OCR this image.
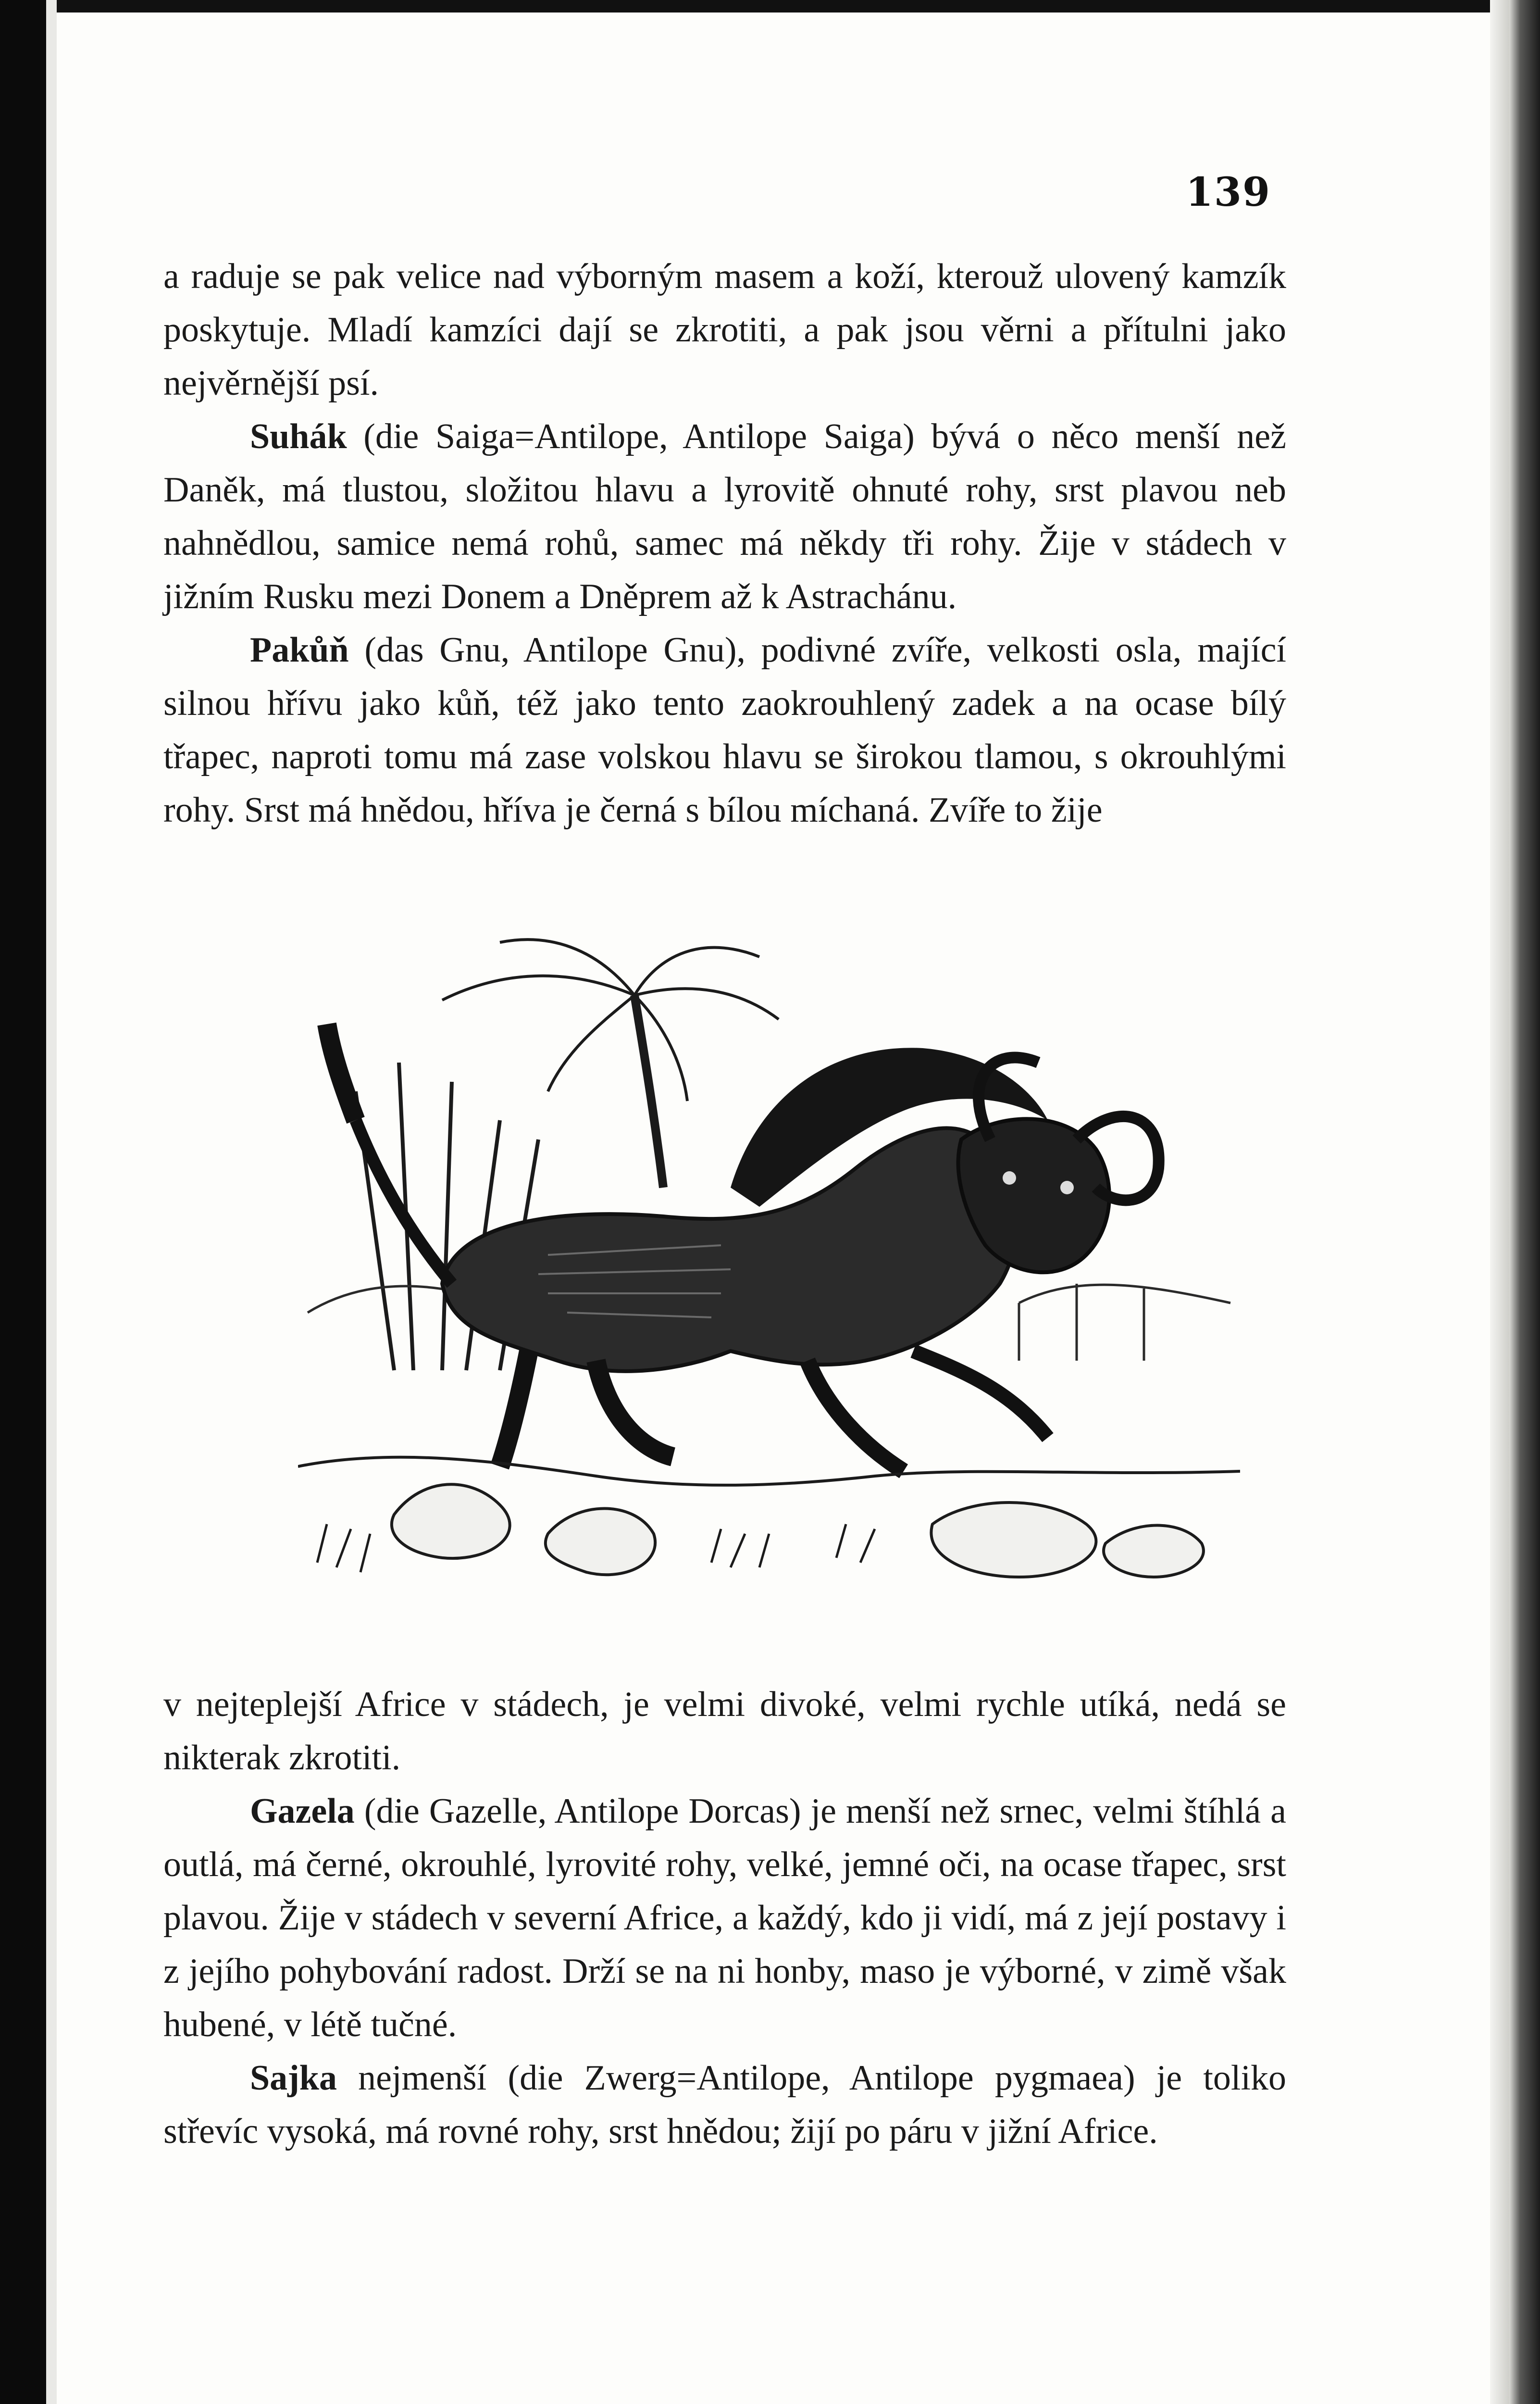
139

a raduje se pak velice nad výborným masem a koží, kterouž ulovený kamzík poskytuje. Mladí kamzíci dají se zkrotiti, a pak jsou věrni a přítulni jako nejvěrnější psí.

Suhák (die Saiga=Antilope, Antilope Saiga) bývá o něco menší než Daněk, má tlustou, složitou hlavu a lyrovitě ohnuté rohy, srst plavou neb nahnědlou, samice nemá rohů, samec má někdy tři rohy. Žije v stádech v jižním Rusku mezi Donem a Dněprem až k Astrachánu.

Pakůň (das Gnu, Antilope Gnu), podivné zvíře, velkosti osla, mající silnou hřívu jako kůň, též jako tento zaokrouhlený zadek a na ocase bílý třapec, naproti tomu má zase volskou hlavu se širokou tlamou, s okrouhlými rohy. Srst má hnědou, hříva je černá s bílou míchaná. Zvíře to žije

v nejteplejší Africe v stádech, je velmi divoké, velmi rychle utíká, nedá se nikterak zkrotiti.

Gazela (die Gazelle, Antilope Dorcas) je menší než srnec, velmi štíhlá a outlá, má černé, okrouhlé, lyrovité rohy, velké, jemné oči, na ocase třapec, srst plavou. Žije v stádech v severní Africe, a každý, kdo ji vidí, má z její postavy i z jejího pohybování radost. Drží se na ni honby, maso je výborné, v zimě však hubené, v létě tučné.

Sajka nejmenší (die Zwerg=Antilope, Antilope pygmaea) je toliko střevíc vysoká, má rovné rohy, srst hnědou; žijí po páru v jižní Africe.
